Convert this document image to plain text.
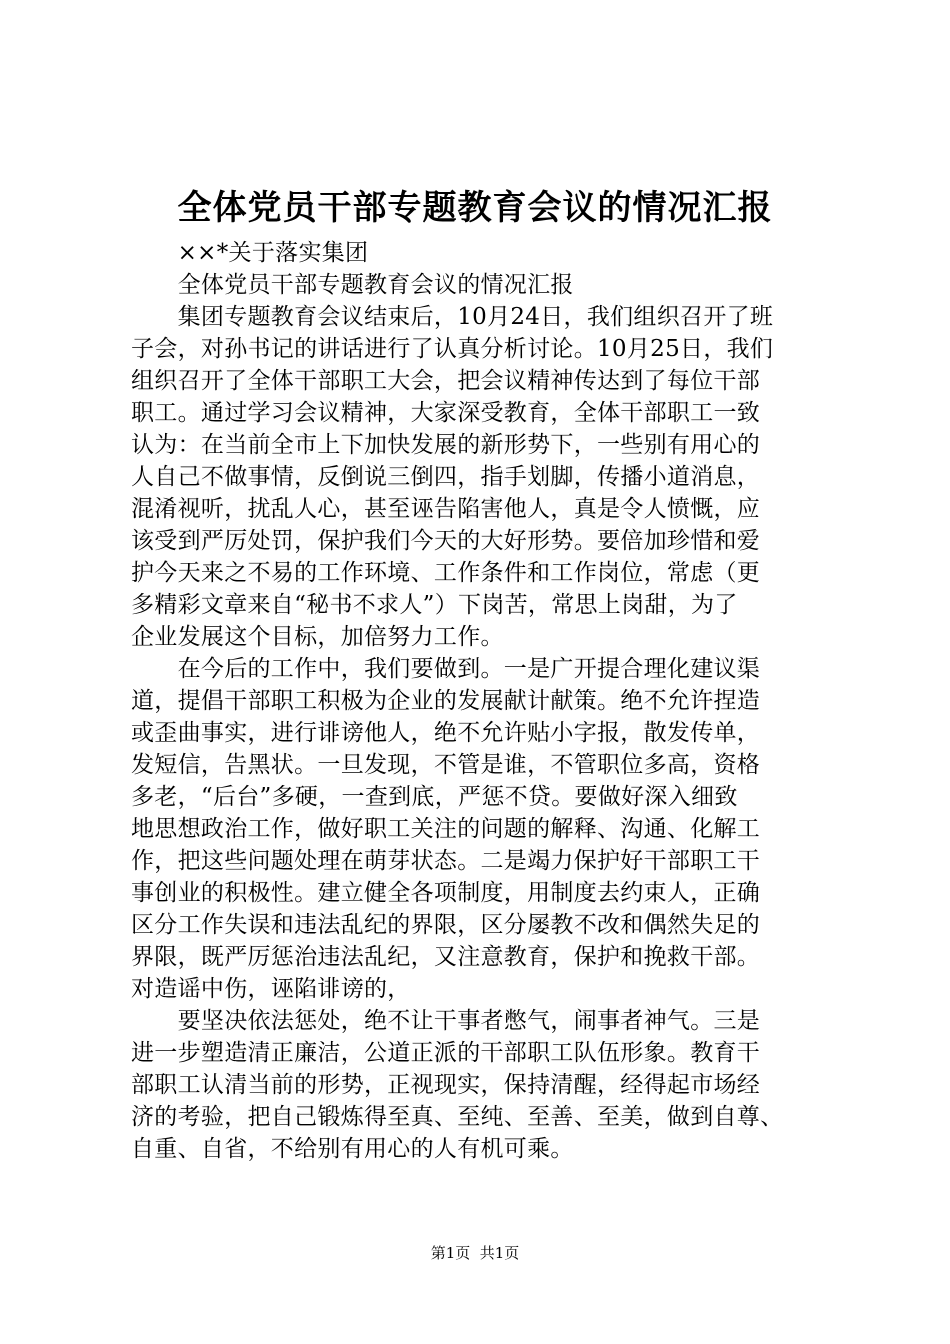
全体党员干部专题教育会议的情况汇报
　　××*关于落实集团
　　全体党员干部专题教育会议的情况汇报
　　集团专题教育会议结束后，10月24日，我们组织召开了班
子会，对孙书记的讲话进行了认真分析讨论。10月25日，我们
组织召开了全体干部职工大会，把会议精神传达到了每位干部
职工。通过学习会议精神，大家深受教育，全体干部职工一致
认为：在当前全市上下加快发展的新形势下，一些别有用心的
人自己不做事情，反倒说三倒四，指手划脚，传播小道消息，
混淆视听，扰乱人心，甚至诬告陷害他人，真是令人愤慨，应
该受到严厉处罚，保护我们今天的大好形势。要倍加珍惜和爱
护今天来之不易的工作环境、工作条件和工作岗位，常虑（更
多精彩文章来自“秘书不求人”）下岗苦，常思上岗甜，为了
企业发展这个目标，加倍努力工作。
　　在今后的工作中，我们要做到。一是广开提合理化建议渠
道，提倡干部职工积极为企业的发展献计献策。绝不允许捏造
或歪曲事实，进行诽谤他人，绝不允许贴小字报，散发传单，
发短信，告黑状。一旦发现，不管是谁，不管职位多高，资格
多老，“后台”多硬，一查到底，严惩不贷。要做好深入细致
地思想政治工作，做好职工关注的问题的解释、沟通、化解工
作，把这些问题处理在萌芽状态。二是竭力保护好干部职工干
事创业的积极性。建立健全各项制度，用制度去约束人，正确
区分工作失误和违法乱纪的界限，区分屡教不改和偶然失足的
界限，既严厉惩治违法乱纪，又注意教育，保护和挽救干部。
对造谣中伤，诬陷诽谤的，
　　要坚决依法惩处，绝不让干事者憋气，闹事者神气。三是
进一步塑造清正廉洁，公道正派的干部职工队伍形象。教育干
部职工认清当前的形势，正视现实，保持清醒，经得起市场经
济的考验，把自己锻炼得至真、至纯、至善、至美，做到自尊、
自重、自省，不给别有用心的人有机可乘。
第1页  共1页
